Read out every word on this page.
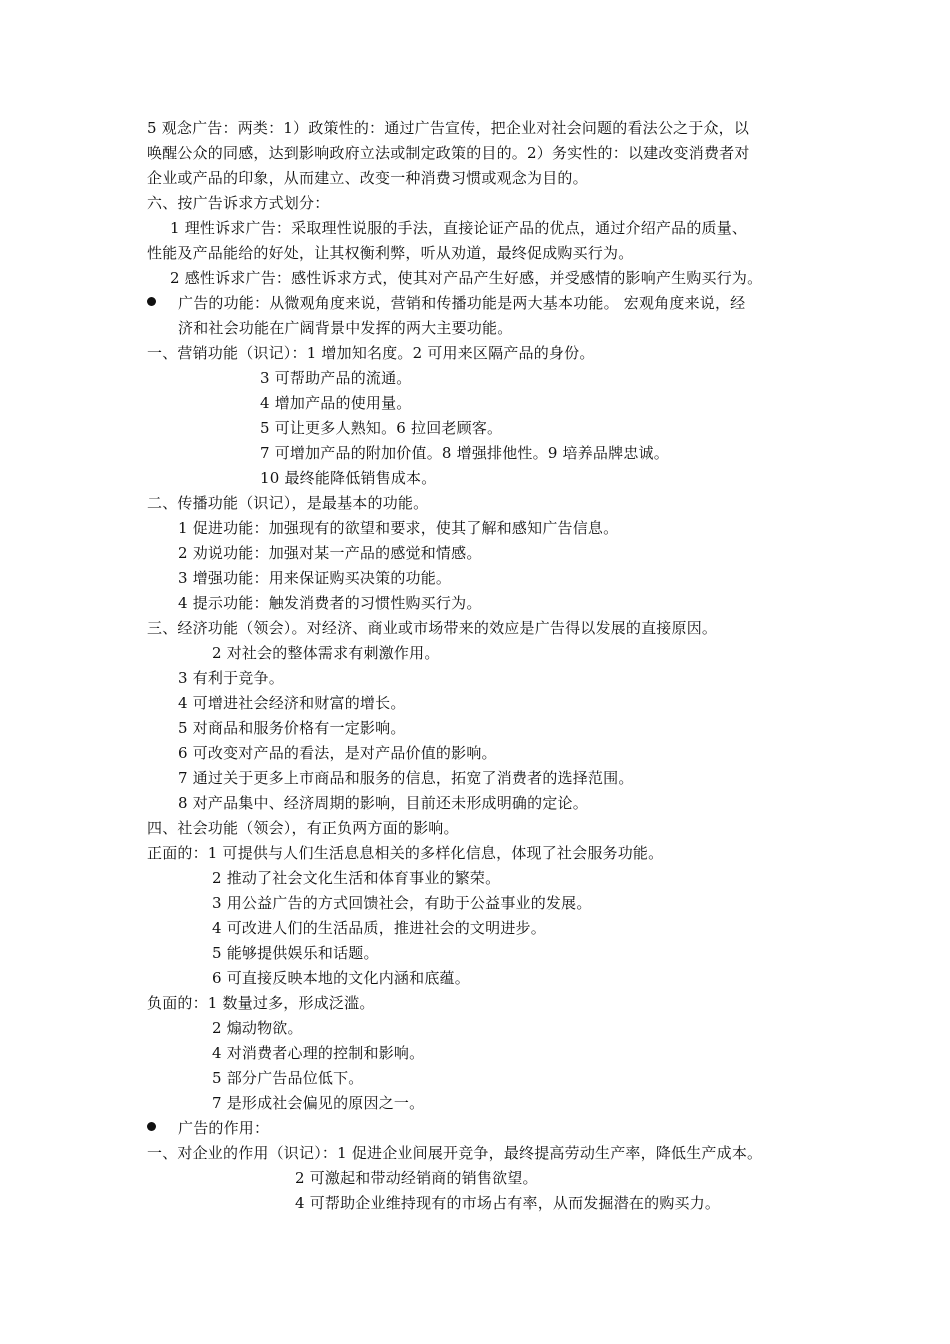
5 观念广告：两类：1）政策性的：通过广告宣传，把企业对社会问题的看法公之于众，以
唤醒公众的同感，达到影响政府立法或制定政策的目的。2）务实性的：以建改变消费者对
企业或产品的印象，从而建立、改变一种消费习惯或观念为目的。
六、按广告诉求方式划分：
1 理性诉求广告：采取理性说服的手法，直接论证产品的优点，通过介绍产品的质量、
性能及产品能给的好处，让其权衡利弊，听从劝道，最终促成购买行为。
2 感性诉求广告：感性诉求方式，使其对产品产生好感，并受感情的影响产生购买行为。
广告的功能：从微观角度来说，营销和传播功能是两大基本功能。 宏观角度来说，经
济和社会功能在广阔背景中发挥的两大主要功能。
一、营销功能（识记）：1 增加知名度。2 可用来区隔产品的身份。
3 可帮助产品的流通。
4 增加产品的使用量。
5 可让更多人熟知。6 拉回老顾客。
7 可增加产品的附加价值。8 增强排他性。9 培养品牌忠诚。
10 最终能降低销售成本。
二、传播功能（识记），是最基本的功能。
1 促进功能：加强现有的欲望和要求，使其了解和感知广告信息。
2 劝说功能：加强对某一产品的感觉和情感。
3 增强功能：用来保证购买决策的功能。
4 提示功能：触发消费者的习惯性购买行为。
三、经济功能（领会）。对经济、商业或市场带来的效应是广告得以发展的直接原因。
2 对社会的整体需求有刺激作用。
3 有利于竞争。
4 可增进社会经济和财富的增长。
5 对商品和服务价格有一定影响。
6 可改变对产品的看法，是对产品价值的影响。
7 通过关于更多上市商品和服务的信息，拓宽了消费者的选择范围。
8 对产品集中、经济周期的影响，目前还未形成明确的定论。
四、社会功能（领会），有正负两方面的影响。
正面的：1 可提供与人们生活息息相关的多样化信息，体现了社会服务功能。
2 推动了社会文化生活和体育事业的繁荣。
3 用公益广告的方式回馈社会，有助于公益事业的发展。
4 可改进人们的生活品质，推进社会的文明进步。
5 能够提供娱乐和话题。
6 可直接反映本地的文化内涵和底蕴。
负面的：1 数量过多，形成泛滥。
2 煽动物欲。
4 对消费者心理的控制和影响。
5 部分广告品位低下。
7 是形成社会偏见的原因之一。
广告的作用：
一、对企业的作用（识记）：1 促进企业间展开竞争，最终提高劳动生产率，降低生产成本。
2 可激起和带动经销商的销售欲望。
4 可帮助企业维持现有的市场占有率，从而发掘潜在的购买力。
